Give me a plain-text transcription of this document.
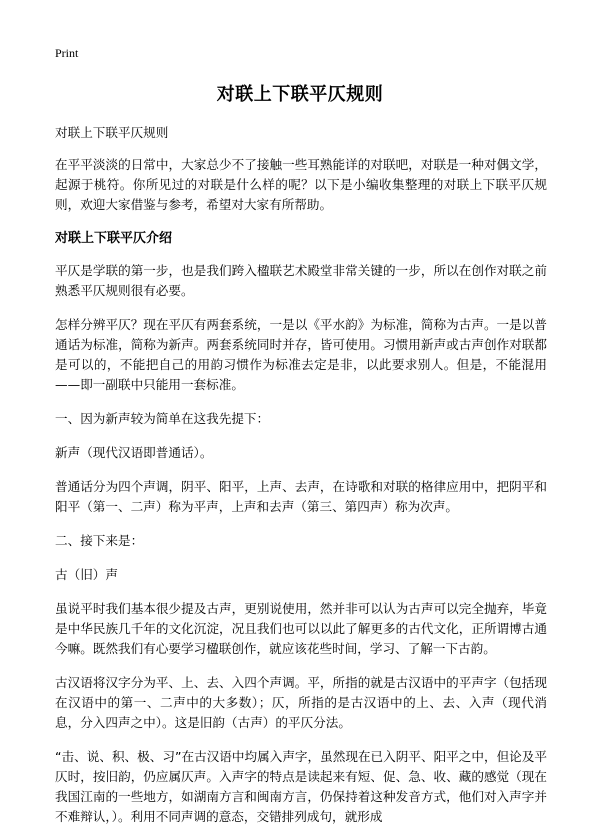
Print
对联上下联平仄规则

对联上下联平仄规则

在平平淡淡的日常中，大家总少不了接触一些耳熟能详的对联吧，对联是一种对偶文学，起源于桃符。你所见过的对联是什么样的呢？以下是小编收集整理的对联上下联平仄规则，欢迎大家借鉴与参考，希望对大家有所帮助。

对联上下联平仄介绍

平仄是学联的第一步，也是我们跨入楹联艺术殿堂非常关键的一步，所以在创作对联之前熟悉平仄规则很有必要。

怎样分辨平仄？现在平仄有两套系统，一是以《平水韵》为标准，简称为古声。一是以普通话为标准，简称为新声。两套系统同时并存，皆可使用。习惯用新声或古声创作对联都是可以的，不能把自己的用韵习惯作为标准去定是非，以此要求别人。但是，不能混用——即一副联中只能用一套标准。

一、因为新声较为简单在这我先提下：

新声（现代汉语即普通话）。

普通话分为四个声调，阴平、阳平，上声、去声，在诗歌和对联的格律应用中，把阴平和阳平（第一、二声）称为平声，上声和去声（第三、第四声）称为次声。

二、接下来是：

古（旧）声

虽说平时我们基本很少提及古声，更别说使用，然并非可以认为古声可以完全抛弃，毕竟是中华民族几千年的文化沉淀，况且我们也可以以此了解更多的古代文化，正所谓博古通今嘛。既然我们有心要学习楹联创作，就应该花些时间，学习、了解一下古韵。

古汉语将汉字分为平、上、去、入四个声调。平，所指的就是古汉语中的平声字（包括现在汉语中的第一、二声中的大多数）；仄，所指的是古汉语中的上、去、入声（现代消息，分入四声之中）。这是旧韵（古声）的平仄分法。

“击、说、积、极、习”在古汉语中均属入声字，虽然现在已入阴平、阳平之中，但论及平仄时，按旧韵，仍应属仄声。入声字的特点是读起来有短、促、急、收、藏的感觉（现在我国江南的一些地方，如湖南方言和闽南方言，仍保持着这种发音方式，他们对入声字并不难辩认，）。利用不同声调的意态，交错排列成句，就形成
